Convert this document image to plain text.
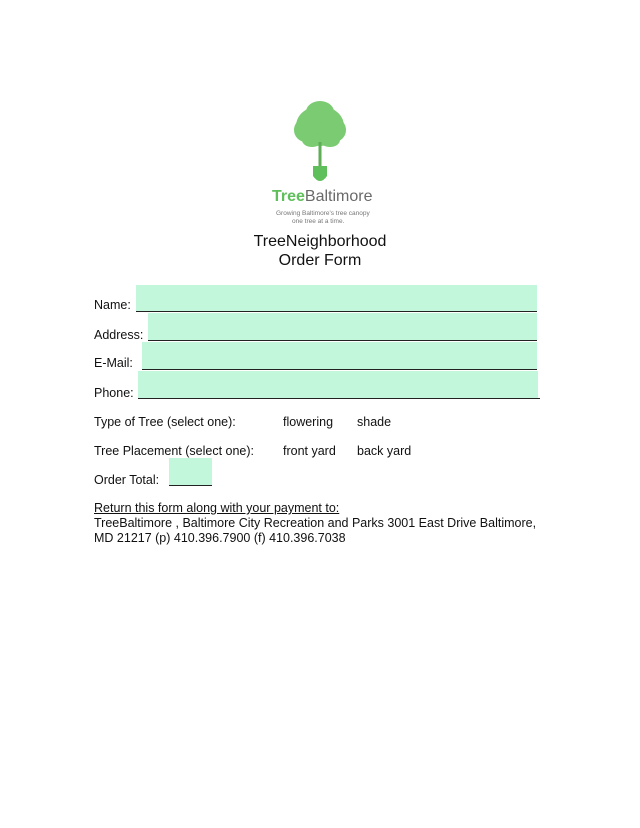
TreeBaltimore
Growing Baltimore's tree canopy
one tree at a time.
TreeNeighborhood
Order Form
Name:
Address:
E-Mail:
Phone:
Type of Tree (select one):	flowering shade
Tree Placement (select one): front yard back yard
Order Total:
Return this form along with your payment to:
TreeBaltimore , Baltimore City Recreation and Parks 3001 East Drive Baltimore, MD 21217 (p) 410.396.7900 (f) 410.396.7038
